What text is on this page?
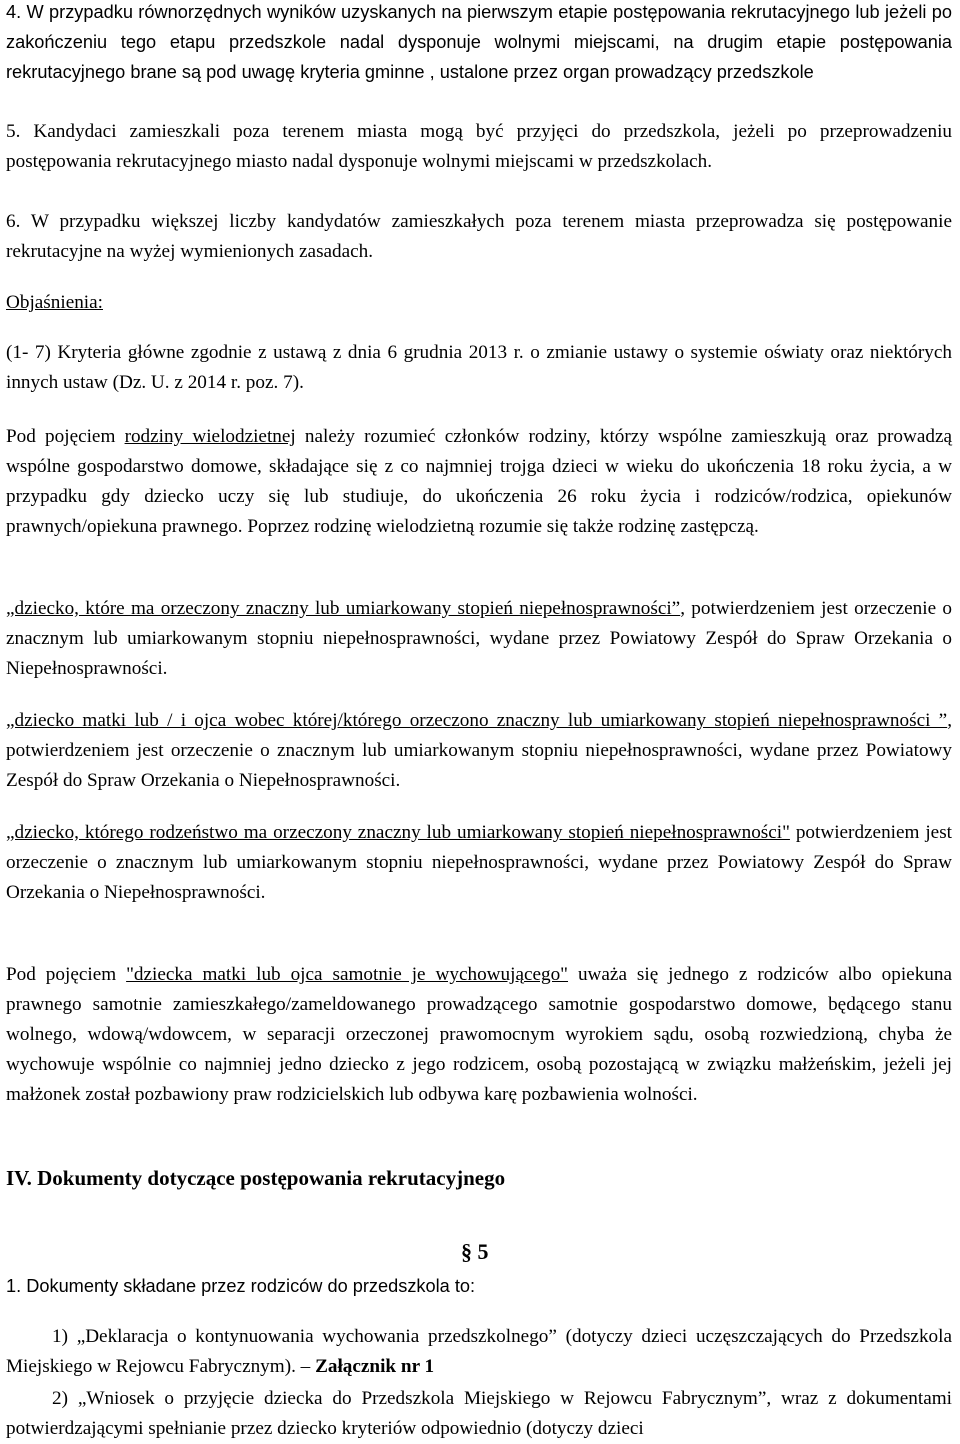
4. W przypadku równorzędnych wyników uzyskanych na pierwszym etapie postępowania rekrutacyjnego lub jeżeli po zakończeniu tego etapu przedszkole nadal dysponuje wolnymi miejscami, na drugim etapie postępowania rekrutacyjnego brane są pod uwagę kryteria gminne , ustalone przez organ prowadzący przedszkole

5. Kandydaci zamieszkali poza terenem miasta mogą być przyjęci do przedszkola, jeżeli po przeprowadzeniu postępowania rekrutacyjnego miasto nadal dysponuje wolnymi miejscami w przedszkolach.

6. W przypadku większej liczby kandydatów zamieszkałych poza terenem miasta przeprowadza się postępowanie rekrutacyjne na wyżej wymienionych zasadach.

Objaśnienia:

(1- 7) Kryteria główne zgodnie z ustawą z dnia 6 grudnia 2013 r. o zmianie ustawy o systemie oświaty oraz niektórych innych ustaw (Dz. U. z 2014 r. poz. 7).

Pod pojęciem rodziny wielodzietnej należy rozumieć członków rodziny, którzy wspólne zamieszkują oraz prowadzą wspólne gospodarstwo domowe, składające się z co najmniej trojga dzieci w wieku do ukończenia 18 roku życia, a w przypadku gdy dziecko uczy się lub studiuje, do ukończenia 26 roku życia i rodziców/rodzica, opiekunów prawnych/opiekuna prawnego. Poprzez rodzinę wielodzietną rozumie się także rodzinę zastępczą.

„dziecko, które ma orzeczony znaczny lub umiarkowany stopień niepełnosprawności”, potwierdzeniem jest orzeczenie o znacznym lub umiarkowanym stopniu niepełnosprawności, wydane przez Powiatowy Zespół do Spraw Orzekania o Niepełnosprawności.

„dziecko matki lub / i ojca wobec której/którego orzeczono znaczny lub umiarkowany stopień niepełnosprawności ”, potwierdzeniem jest orzeczenie o znacznym lub umiarkowanym stopniu niepełnosprawności, wydane przez Powiatowy Zespół do Spraw Orzekania o Niepełnosprawności.

„dziecko, którego rodzeństwo ma orzeczony znaczny lub umiarkowany stopień niepełnosprawności" potwierdzeniem jest orzeczenie o znacznym lub umiarkowanym stopniu niepełnosprawności, wydane przez Powiatowy Zespół do Spraw Orzekania o Niepełnosprawności.

Pod pojęciem "dziecka matki lub ojca samotnie je wychowującego" uważa się jednego z rodziców albo opiekuna prawnego samotnie zamieszkałego/zameldowanego prowadzącego samotnie gospodarstwo domowe, będącego stanu wolnego, wdową/wdowcem, w separacji orzeczonej prawomocnym wyrokiem sądu, osobą rozwiedzioną, chyba że wychowuje wspólnie co najmniej jedno dziecko z jego rodzicem, osobą pozostającą w związku małżeńskim, jeżeli jej małżonek został pozbawiony praw rodzicielskich lub odbywa karę pozbawienia wolności.

IV. Dokumenty dotyczące postępowania rekrutacyjnego

§ 5

1. Dokumenty składane przez rodziców do przedszkola to:

1) „Deklaracja o kontynuowania wychowania przedszkolnego” (dotyczy dzieci uczęszczających do Przedszkola Miejskiego w Rejowcu Fabrycznym). – Załącznik nr 1

2) „Wniosek o przyjęcie dziecka do Przedszkola Miejskiego w Rejowcu Fabrycznym”, wraz z dokumentami potwierdzającymi spełnianie przez dziecko kryteriów odpowiednio (dotyczy dzieci
